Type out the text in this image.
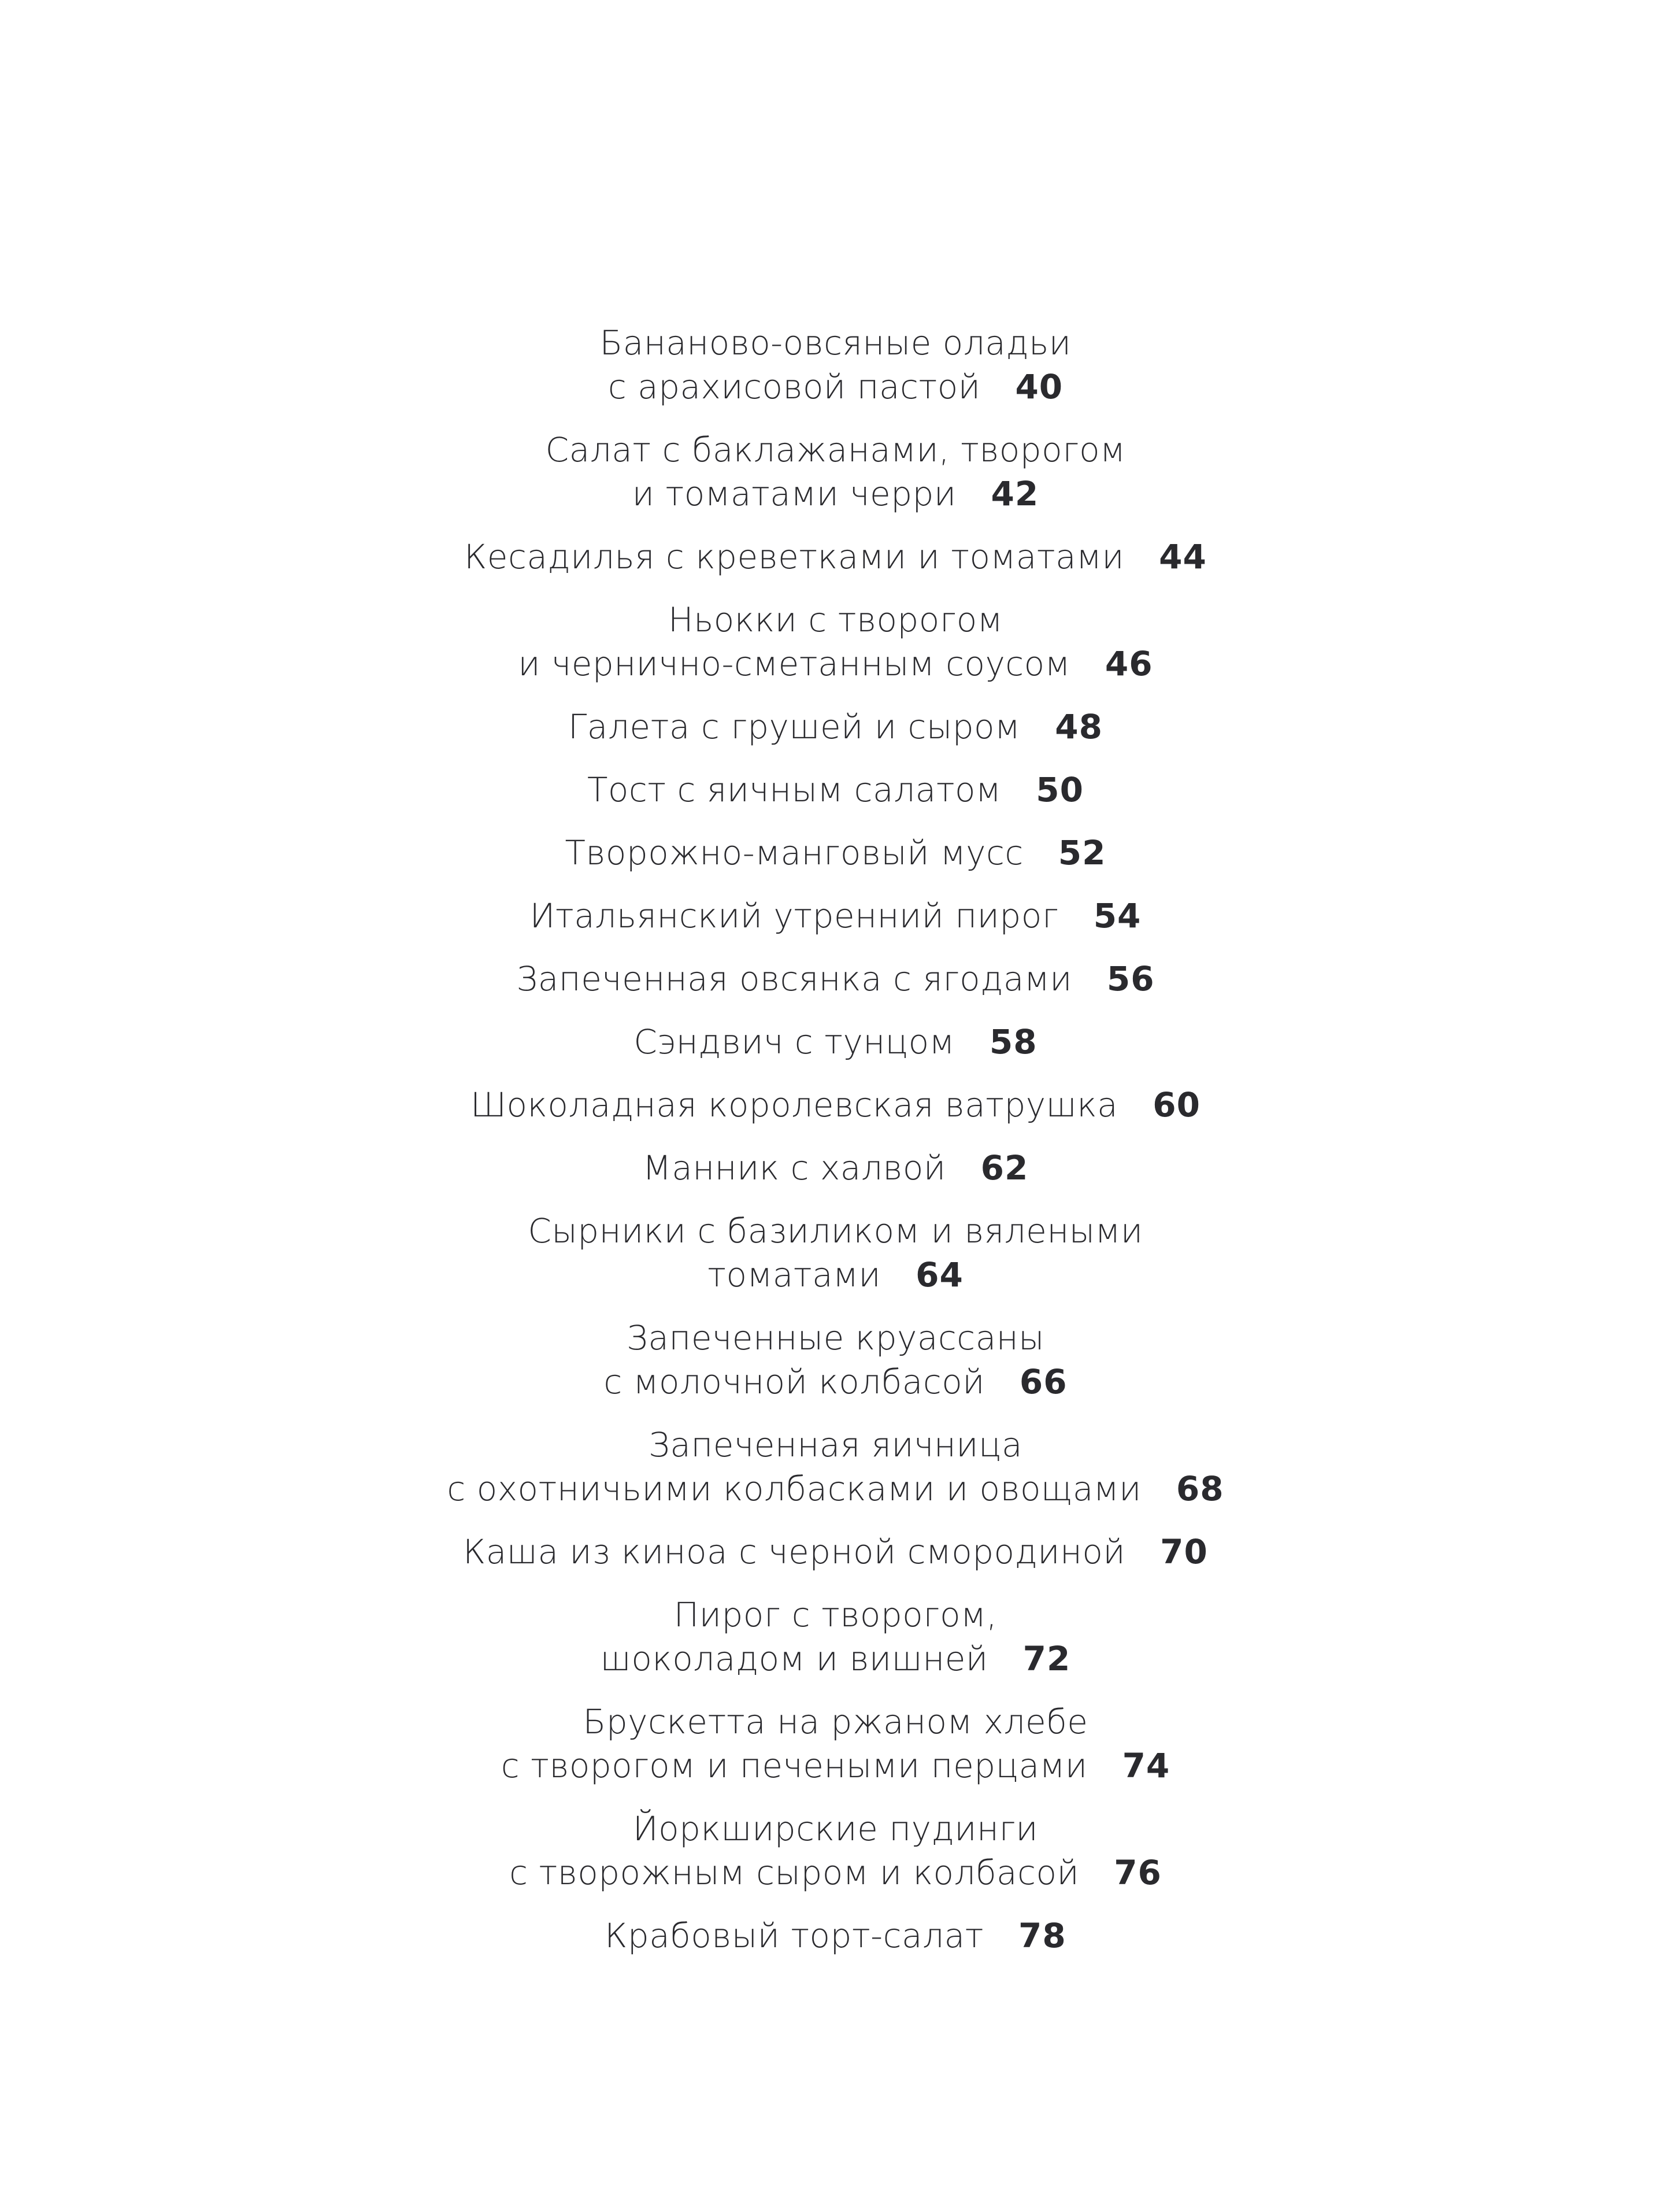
Бананово-овсяные оладьи
с арахисовой пастой 40
Салат с баклажанами, творогом
и томатами черри 42
Кесадилья с креветками и томатами 44
Ньокки с творогом
и чернично-сметанным соусом 46
Галета с грушей и сыром 48
Тост с яичным салатом 50
Творожно-манговый мусс 52
Итальянский утренний пирог 54
Запеченная овсянка с ягодами 56
Сэндвич с тунцом 58
Шоколадная королевская ватрушка 60
Манник с халвой 62
Сырники с базиликом и вялеными
томатами 64
Запеченные круассаны
с молочной колбасой 66
Запеченная яичница
с охотничьими колбасками и овощами 68
Каша из киноа с черной смородиной 70
Пирог с творогом,
шоколадом и вишней 72
Брускетта на ржаном хлебе
с творогом и печеными перцами 74
Йоркширские пудинги
с творожным сыром и колбасой 76
Крабовый торт-салат 78
